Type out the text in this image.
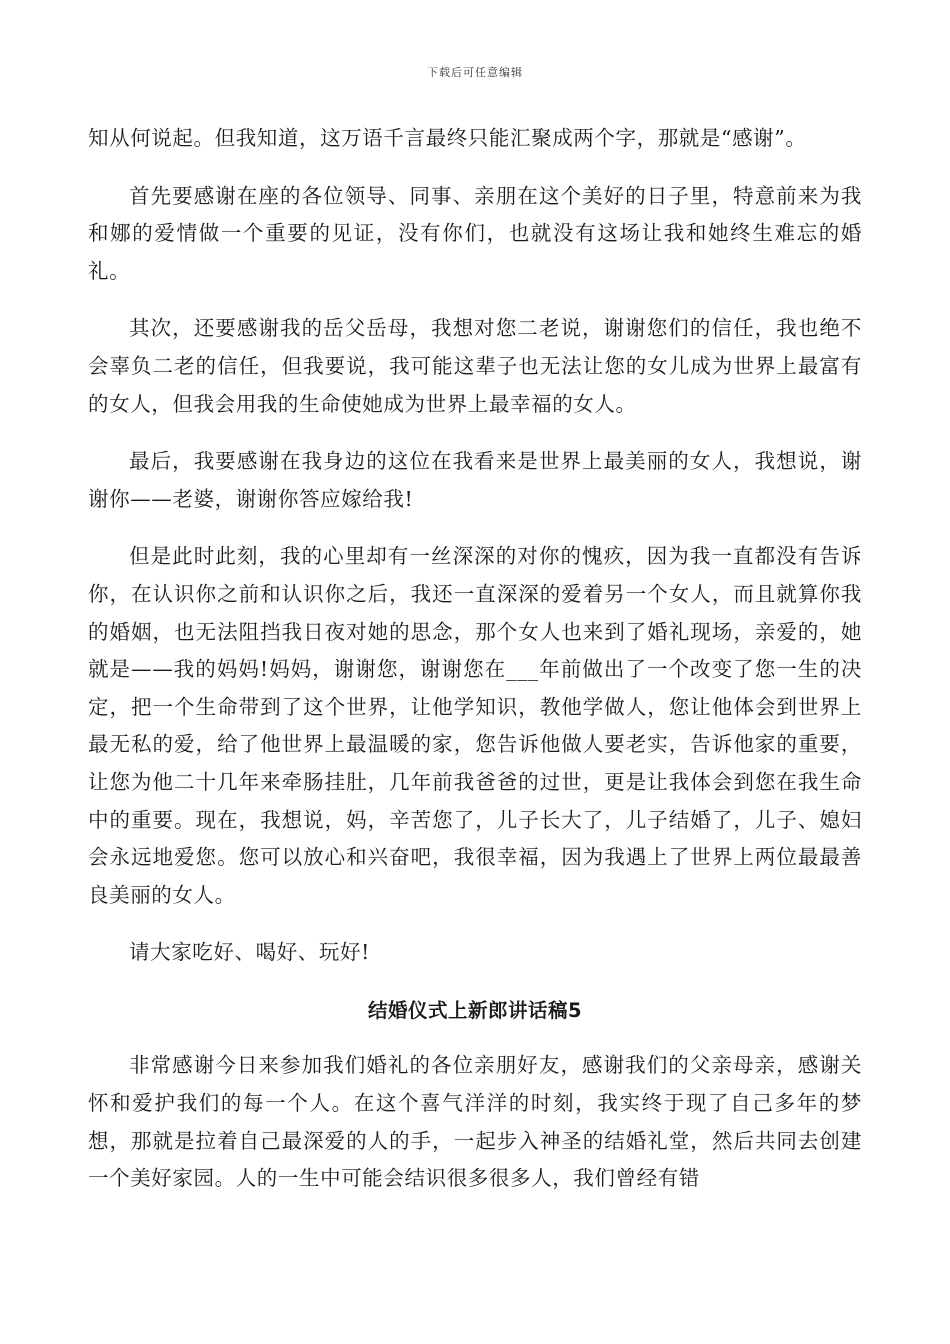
下载后可任意编辑

知从何说起。但我知道，这万语千言最终只能汇聚成两个字，那就是“感谢”。

首先要感谢在座的各位领导、同事、亲朋在这个美好的日子里，特意前来为我和娜的爱情做一个重要的见证，没有你们，也就没有这场让我和她终生难忘的婚礼。

其次，还要感谢我的岳父岳母，我想对您二老说，谢谢您们的信任，我也绝不会辜负二老的信任，但我要说，我可能这辈子也无法让您的女儿成为世界上最富有的女人，但我会用我的生命使她成为世界上最幸福的女人。

最后，我要感谢在我身边的这位在我看来是世界上最美丽的女人，我想说，谢谢你——老婆，谢谢你答应嫁给我!

但是此时此刻，我的心里却有一丝深深的对你的愧疚，因为我一直都没有告诉你，在认识你之前和认识你之后，我还一直深深的爱着另一个女人，而且就算你我的婚姻，也无法阻挡我日夜对她的思念，那个女人也来到了婚礼现场，亲爱的，她就是——我的妈妈!妈妈，谢谢您，谢谢您在___年前做出了一个改变了您一生的决定，把一个生命带到了这个世界，让他学知识，教他学做人，您让他体会到世界上最无私的爱，给了他世界上最温暖的家，您告诉他做人要老实，告诉他家的重要，让您为他二十几年来牵肠挂肚，几年前我爸爸的过世，更是让我体会到您在我生命中的重要。现在，我想说，妈，辛苦您了，儿子长大了，儿子结婚了，儿子、媳妇会永远地爱您。您可以放心和兴奋吧，我很幸福，因为我遇上了世界上两位最最善良美丽的女人。

请大家吃好、喝好、玩好!

结婚仪式上新郎讲话稿5

非常感谢今日来参加我们婚礼的各位亲朋好友，感谢我们的父亲母亲，感谢关怀和爱护我们的每一个人。在这个喜气洋洋的时刻，我实终于现了自己多年的梦想，那就是拉着自己最深爱的人的手，一起步入神圣的结婚礼堂，然后共同去创建一个美好家园。人的一生中可能会结识很多很多人，我们曾经有错
